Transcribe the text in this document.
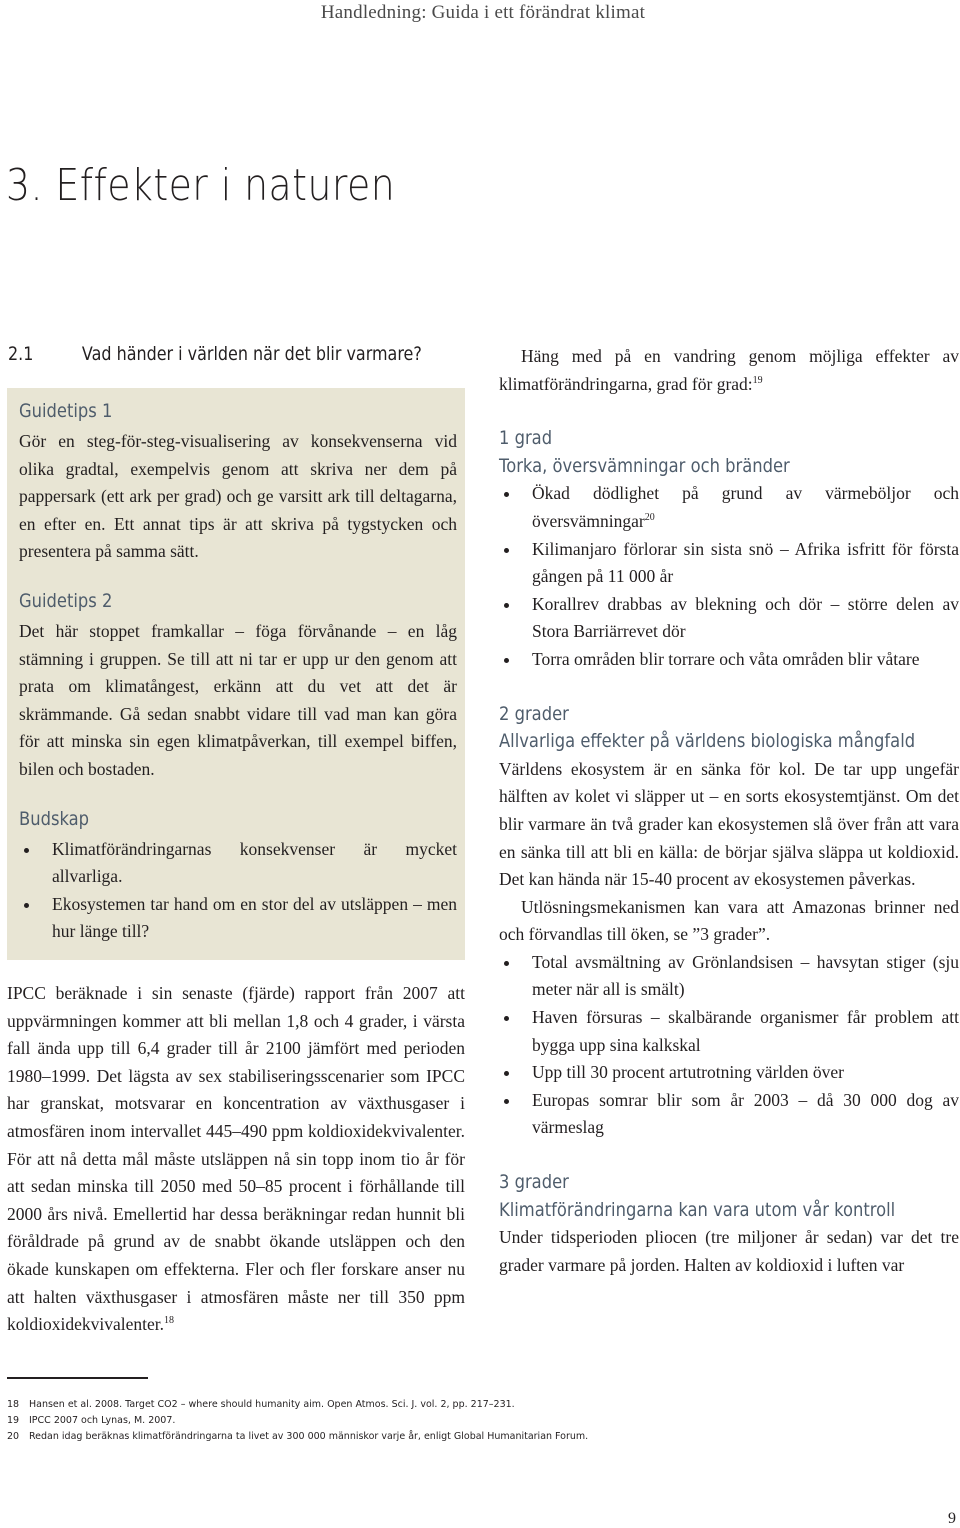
Handledning: Guida i ett förändrat klimat
3. Effekter i naturen
2.1	Vad händer i världen när det blir varmare?
Guidetips 1

Gör en steg-för-steg-visualisering av konsekvenserna vid olika gradtal, exempelvis genom att skriva ner dem på pappersark (ett ark per grad) och ge varsitt ark till deltagarna, en efter en. Ett annat tips är att skriva på tygstycken och presentera på samma sätt.

Guidetips 2

Det här stoppet framkallar – föga förvånande – en låg stämning i gruppen. Se till att ni tar er upp ur den genom att prata om klimatångest, erkänn att du vet att det är skrämmande. Gå sedan snabbt vidare till vad man kan göra för att minska sin egen klimatpåverkan, till exempel biffen, bilen och bostaden.

Budskap
Klimatförändringarnas konsekvenser är mycket allvarliga.
Ekosystemen tar hand om en stor del av utsläppen – men hur länge till?

IPCC beräknade i sin senaste (fjärde) rapport från 2007 att uppvärmningen kommer att bli mellan 1,8 och 4 grader, i värsta fall ända upp till 6,4 grader till år 2100 jämfört med perioden 1980–1999. Det lägsta av sex stabiliseringsscenarier som IPCC har granskat, motsvarar en koncentration av växthusgaser i atmosfären inom intervallet 445–490 ppm koldioxidekvivalenter. För att nå detta mål måste utsläppen nå sin topp inom tio år för att sedan minska till 2050 med 50–85 procent i förhållande till 2000 års nivå. Emellertid har dessa beräkningar redan hunnit bli föråldrade på grund av de snabbt ökande utsläppen och den ökade kunskapen om effekterna. Fler och fler forskare anser nu att halten växthusgaser i atmosfären måste ner till 350 ppm koldioxidekvivalenter.$^{18}$

Häng med på en vandring genom möjliga effekter av klimatförändringarna, grad för grad:$^{19}$

1 grad
Torka, översvämningar och bränder
Ökad dödlighet på grund av värmeböljor och översvämningar$^{20}$
Kilimanjaro förlorar sin sista snö – Afrika isfritt för första gången på 11 000 år
Korallrev drabbas av blekning och dör – större delen av Stora Barriärrevet dör
Torra områden blir torrare och våta områden blir våtare
2 grader
Allvarliga effekter på världens biologiska mångfald

Världens ekosystem är en sänka för kol. De tar upp ungefär hälften av kolet vi släpper ut – en sorts ekosystemtjänst. Om det blir varmare än två grader kan ekosystemen slå över från att vara en sänka till att bli en källa: de börjar själva släppa ut koldioxid. Det kan hända när 15-40 procent av ekosystemen påverkas.

Utlösningsmekanismen kan vara att Amazonas brinner ned och förvandlas till öken, se ”3 grader”.

Total avsmältning av Grönlandsisen – havsytan stiger (sju meter när all is smält)
Haven försuras – skalbärande organismer får problem att bygga upp sina kalkskal
Upp till 30 procent artutrotning världen över
Europas somrar blir som år 2003 – då 30 000 dog av värmeslag
3 grader
Klimatförändringarna kan vara utom vår kontroll

Under tidsperioden pliocen (tre miljoner år sedan) var det tre grader varmare på jorden. Halten av koldioxid i luften var

18 Hansen et al. 2008. Target CO2 – where should humanity aim. Open Atmos. Sci. J. vol. 2, pp. 217–231.
19 IPCC 2007 och Lynas, M. 2007.
20 Redan idag beräknas klimatförändringarna ta livet av 300 000 människor varje år, enligt Global Humanitarian Forum.
9
